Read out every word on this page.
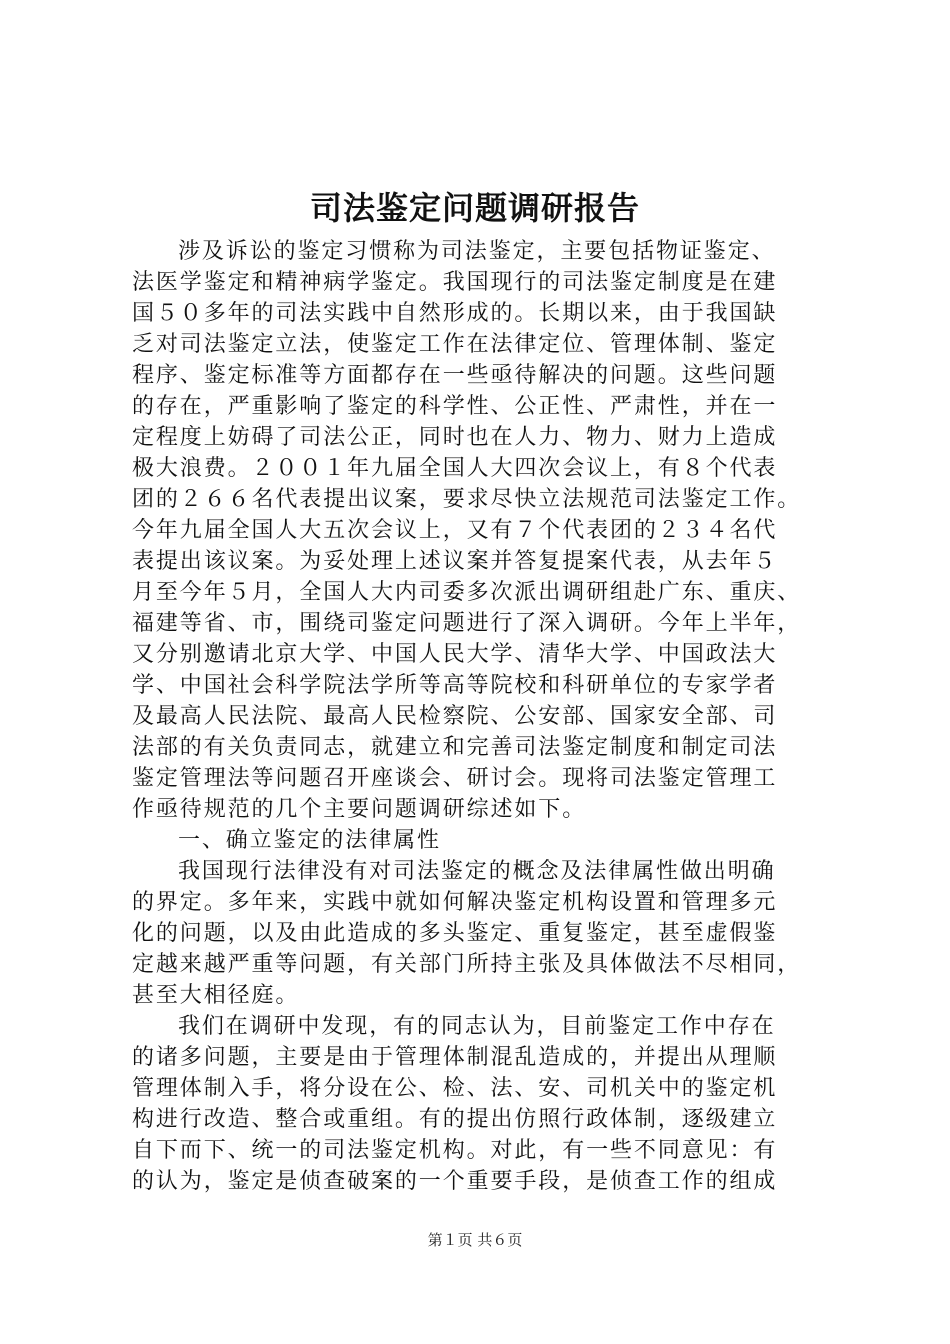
司法鉴定问题调研报告
涉及诉讼的鉴定习惯称为司法鉴定，主要包括物证鉴定、
法医学鉴定和精神病学鉴定。我国现行的司法鉴定制度是在建
国５０多年的司法实践中自然形成的。长期以来，由于我国缺
乏对司法鉴定立法，使鉴定工作在法律定位、管理体制、鉴定
程序、鉴定标准等方面都存在一些亟待解决的问题。这些问题
的存在，严重影响了鉴定的科学性、公正性、严肃性，并在一
定程度上妨碍了司法公正，同时也在人力、物力、财力上造成
极大浪费。２００１年九届全国人大四次会议上，有８个代表
团的２６６名代表提出议案，要求尽快立法规范司法鉴定工作。
今年九届全国人大五次会议上，又有７个代表团的２３４名代
表提出该议案。为妥处理上述议案并答复提案代表，从去年５
月至今年５月，全国人大内司委多次派出调研组赴广东、重庆、
福建等省、市，围绕司鉴定问题进行了深入调研。今年上半年，
又分别邀请北京大学、中国人民大学、清华大学、中国政法大
学、中国社会科学院法学所等高等院校和科研单位的专家学者
及最高人民法院、最高人民检察院、公安部、国家安全部、司
法部的有关负责同志，就建立和完善司法鉴定制度和制定司法
鉴定管理法等问题召开座谈会、研讨会。现将司法鉴定管理工
作亟待规范的几个主要问题调研综述如下。
一、确立鉴定的法律属性
我国现行法律没有对司法鉴定的概念及法律属性做出明确
的界定。多年来，实践中就如何解决鉴定机构设置和管理多元
化的问题，以及由此造成的多头鉴定、重复鉴定，甚至虚假鉴
定越来越严重等问题，有关部门所持主张及具体做法不尽相同，
甚至大相径庭。
我们在调研中发现，有的同志认为，目前鉴定工作中存在
的诸多问题，主要是由于管理体制混乱造成的，并提出从理顺
管理体制入手，将分设在公、检、法、安、司机关中的鉴定机
构进行改造、整合或重组。有的提出仿照行政体制，逐级建立
自下而下、统一的司法鉴定机构。对此，有一些不同意见：有
的认为，鉴定是侦查破案的一个重要手段，是侦查工作的组成
第１页 共６页
